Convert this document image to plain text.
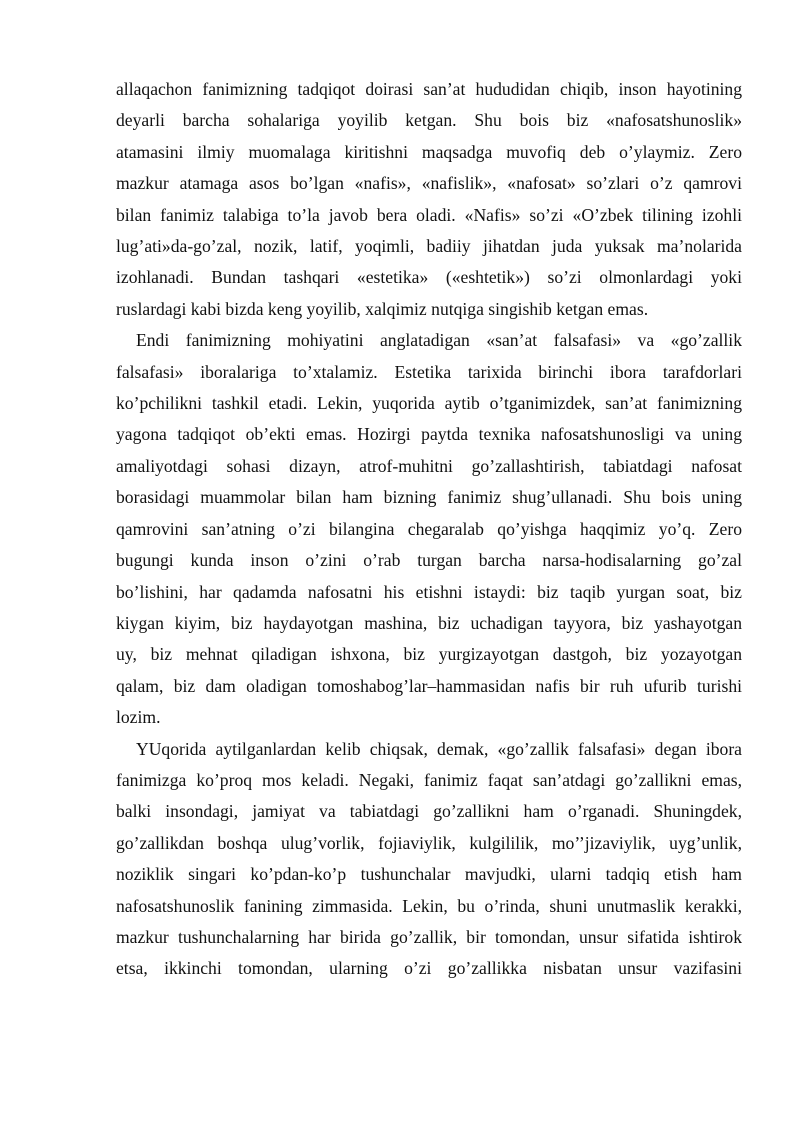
allaqachon fanimizning tadqiqot doirasi san’at hududidan chiqib, inson hayotining
deyarli barcha sohalariga yoyilib ketgan. Shu bois biz «nafosatshunoslik»
atamasini ilmiy muomalaga kiritishni maqsadga muvofiq deb o’ylaymiz. Zero
mazkur atamaga asos bo’lgan «nafis», «nafislik», «nafosat» so’zlari o’z qamrovi
bilan fanimiz talabiga to’la javob bera oladi. «Nafis» so’zi «O’zbek tilining izohli
lug’ati»da-go’zal, nozik, latif, yoqimli, badiiy jihatdan juda yuksak ma’nolarida
izohlanadi. Bundan tashqari «estetika» («eshtetik») so’zi olmonlardagi yoki
ruslardagi kabi bizda keng yoyilib, xalqimiz nutqiga singishib ketgan emas.
Endi fanimizning mohiyatini anglatadigan «san’at falsafasi» va «go’zallik
falsafasi» iboralariga to’xtalamiz. Estetika tarixida birinchi ibora tarafdorlari
ko’pchilikni tashkil etadi. Lekin, yuqorida aytib o’tganimizdek, san’at fanimizning
yagona tadqiqot ob’ekti emas. Hozirgi paytda texnika nafosatshunosligi va uning
amaliyotdagi sohasi dizayn, atrof-muhitni go’zallashtirish, tabiatdagi nafosat
borasidagi muammolar bilan ham bizning fanimiz shug’ullanadi. Shu bois uning
qamrovini san’atning o’zi bilangina chegaralab qo’yishga haqqimiz yo’q. Zero
bugungi kunda inson o’zini o’rab turgan barcha narsa-hodisalarning go’zal
bo’lishini, har qadamda nafosatni his etishni istaydi: biz taqib yurgan soat, biz
kiygan kiyim, biz haydayotgan mashina, biz uchadigan tayyora, biz yashayotgan
uy, biz mehnat qiladigan ishxona, biz yurgizayotgan dastgoh, biz yozayotgan
qalam, biz dam oladigan tomoshabog’lar–hammasidan nafis bir ruh ufurib turishi
lozim.
YUqorida aytilganlardan kelib chiqsak, demak, «go’zallik falsafasi» degan ibora
fanimizga ko’proq mos keladi. Negaki, fanimiz faqat san’atdagi go’zallikni emas,
balki insondagi, jamiyat va tabiatdagi go’zallikni ham o’rganadi. Shuningdek,
go’zallikdan boshqa ulug’vorlik, fojiaviylik, kulgililik, mo’’jizaviylik, uyg’unlik,
noziklik singari ko’pdan-ko’p tushunchalar mavjudki, ularni tadqiq etish ham
nafosatshunoslik fanining zimmasida. Lekin, bu o’rinda, shuni unutmaslik kerakki,
mazkur tushunchalarning har birida go’zallik, bir tomondan, unsur sifatida ishtirok
etsa, ikkinchi tomondan, ularning o’zi go’zallikka nisbatan unsur vazifasini
